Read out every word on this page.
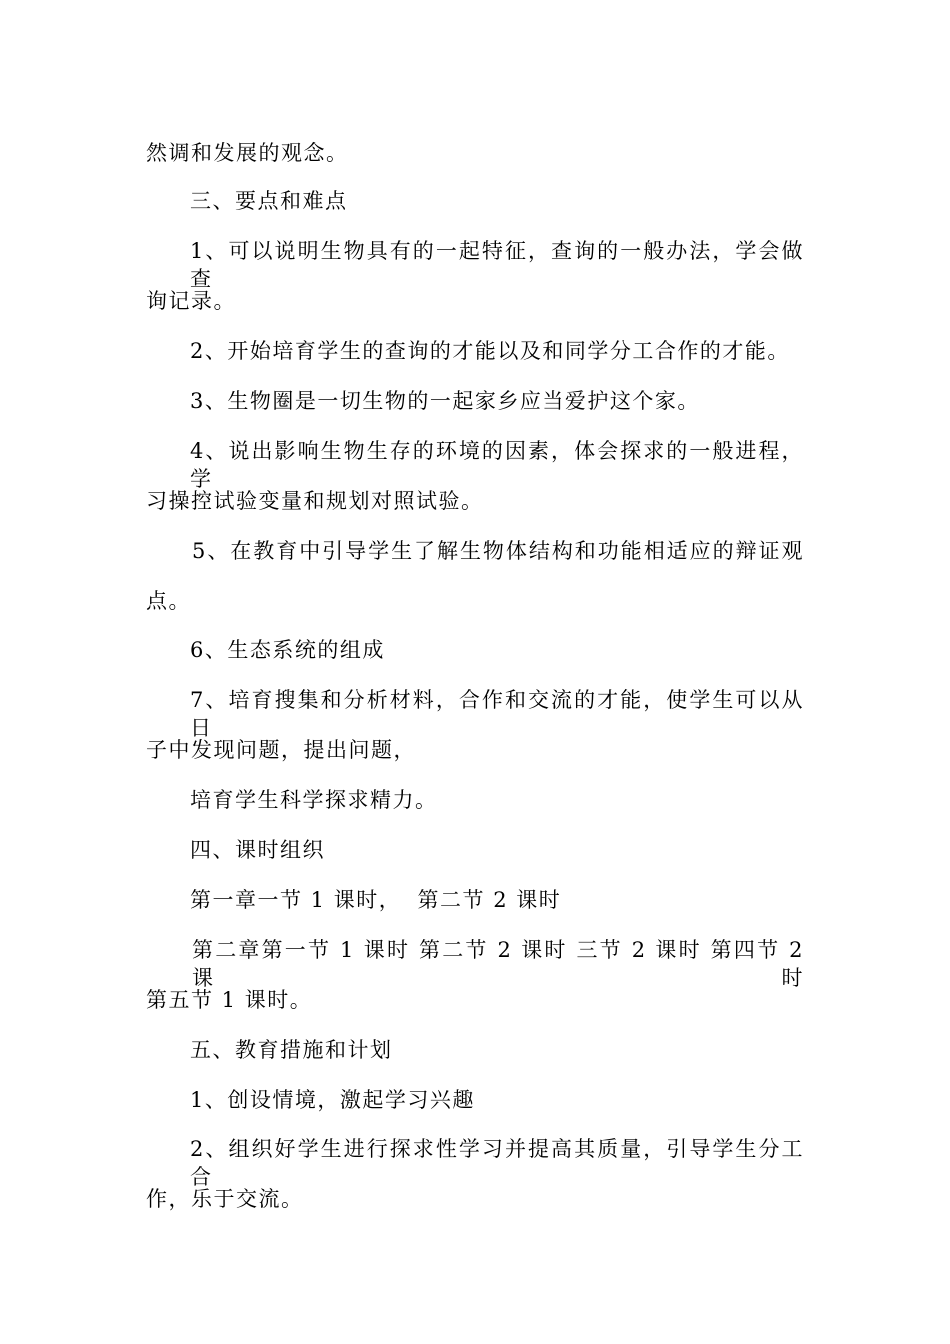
然调和发展的观念。
三、要点和难点
1、可以说明生物具有的一起特征，查询的一般办法，学会做查
询记录。
2、开始培育学生的查询的才能以及和同学分工合作的才能。
3、生物圈是一切生物的一起家乡应当爱护这个家。
4、说出影响生物生存的环境的因素，体会探求的一般进程，学
习操控试验变量和规划对照试验。
5、在教育中引导学生了解生物体结构和功能相适应的辩证观
点。
6、生态系统的组成
7、培育搜集和分析材料，合作和交流的才能，使学生可以从日
子中发现问题，提出问题，
培育学生科学探求精力。
四、课时组织
第一章一节 1 课时，  第二节 2 课时
第二章第一节 1 课时 第二节 2 课时 三节 2 课时 第四节 2 课时
第五节 1 课时。
五、教育措施和计划
1、创设情境，激起学习兴趣
2、组织好学生进行探求性学习并提高其质量，引导学生分工合
作，乐于交流。
